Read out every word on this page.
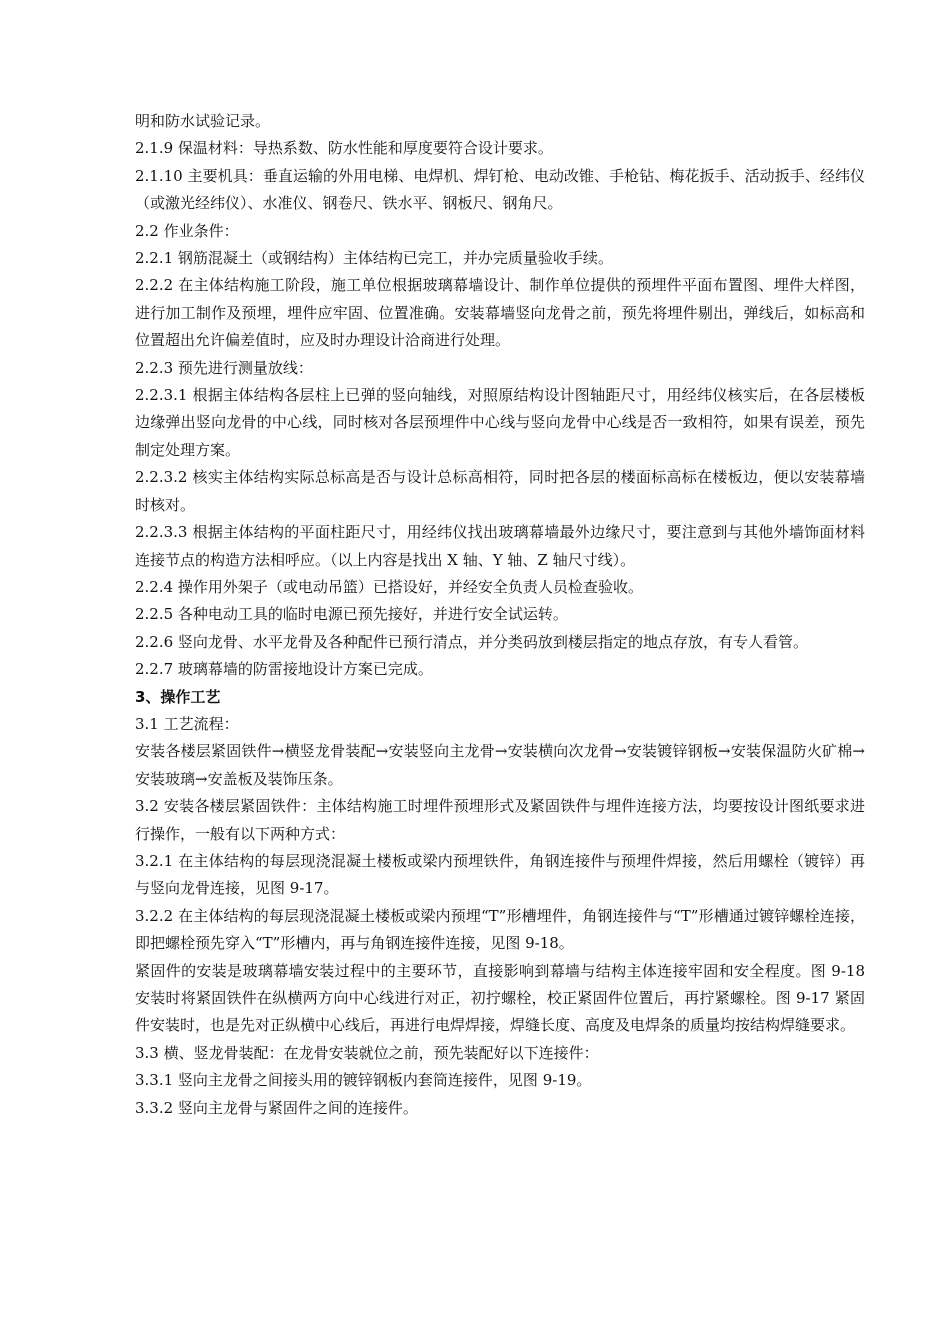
明和防水试验记录。

2.1.9 保温材料：导热系数、防水性能和厚度要符合设计要求。

2.1.10 主要机具：垂直运输的外用电梯、电焊机、焊钉枪、电动改锥、手枪钻、梅花扳手、活动扳手、经纬仪（或激光经纬仪）、水准仪、钢卷尺、铁水平、钢板尺、钢角尺。

2.2 作业条件：

2.2.1 钢筋混凝土（或钢结构）主体结构已完工，并办完质量验收手续。

2.2.2 在主体结构施工阶段，施工单位根据玻璃幕墙设计、制作单位提供的预埋件平面布置图、埋件大样图，进行加工制作及预埋，埋件应牢固、位置准确。安装幕墙竖向龙骨之前，预先将埋件剔出，弹线后，如标高和位置超出允许偏差值时，应及时办理设计洽商进行处理。

2.2.3 预先进行测量放线：

2.2.3.1 根据主体结构各层柱上已弹的竖向轴线，对照原结构设计图轴距尺寸，用经纬仪核实后，在各层楼板边缘弹出竖向龙骨的中心线，同时核对各层预埋件中心线与竖向龙骨中心线是否一致相符，如果有误差，预先制定处理方案。

2.2.3.2 核实主体结构实际总标高是否与设计总标高相符，同时把各层的楼面标高标在楼板边，便以安装幕墙时核对。

2.2.3.3 根据主体结构的平面柱距尺寸，用经纬仪找出玻璃幕墙最外边缘尺寸，要注意到与其他外墙饰面材料连接节点的构造方法相呼应。（以上内容是找出 X 轴、Y 轴、Z 轴尺寸线）。

2.2.4 操作用外架子（或电动吊篮）已搭设好，并经安全负责人员检查验收。

2.2.5 各种电动工具的临时电源已预先接好，并进行安全试运转。

2.2.6 竖向龙骨、水平龙骨及各种配件已预行清点，并分类码放到楼层指定的地点存放，有专人看管。

2.2.7 玻璃幕墙的防雷接地设计方案已完成。

3、操作工艺

3.1 工艺流程：

安装各楼层紧固铁件→横竖龙骨装配→安装竖向主龙骨→安装横向次龙骨→安装镀锌钢板→安装保温防火矿棉→安装玻璃→安盖板及装饰压条。

3.2 安装各楼层紧固铁件：主体结构施工时埋件预埋形式及紧固铁件与埋件连接方法，均要按设计图纸要求进行操作，一般有以下两种方式：

3.2.1 在主体结构的每层现浇混凝土楼板或梁内预埋铁件，角钢连接件与预埋件焊接，然后用螺栓（镀锌）再与竖向龙骨连接，见图 9-17。

3.2.2 在主体结构的每层现浇混凝土楼板或梁内预埋“T”形槽埋件，角钢连接件与“T”形槽通过镀锌螺栓连接，即把螺栓预先穿入“T”形槽内，再与角钢连接件连接，见图 9-18。

紧固件的安装是玻璃幕墙安装过程中的主要环节，直接影响到幕墙与结构主体连接牢固和安全程度。图 9-18 安装时将紧固铁件在纵横两方向中心线进行对正，初拧螺栓，校正紧固件位置后，再拧紧螺栓。图 9-17 紧固件安装时，也是先对正纵横中心线后，再进行电焊焊接，焊缝长度、高度及电焊条的质量均按结构焊缝要求。

3.3 横、竖龙骨装配：在龙骨安装就位之前，预先装配好以下连接件：

3.3.1 竖向主龙骨之间接头用的镀锌钢板内套筒连接件，见图 9-19。

3.3.2 竖向主龙骨与紧固件之间的连接件。
